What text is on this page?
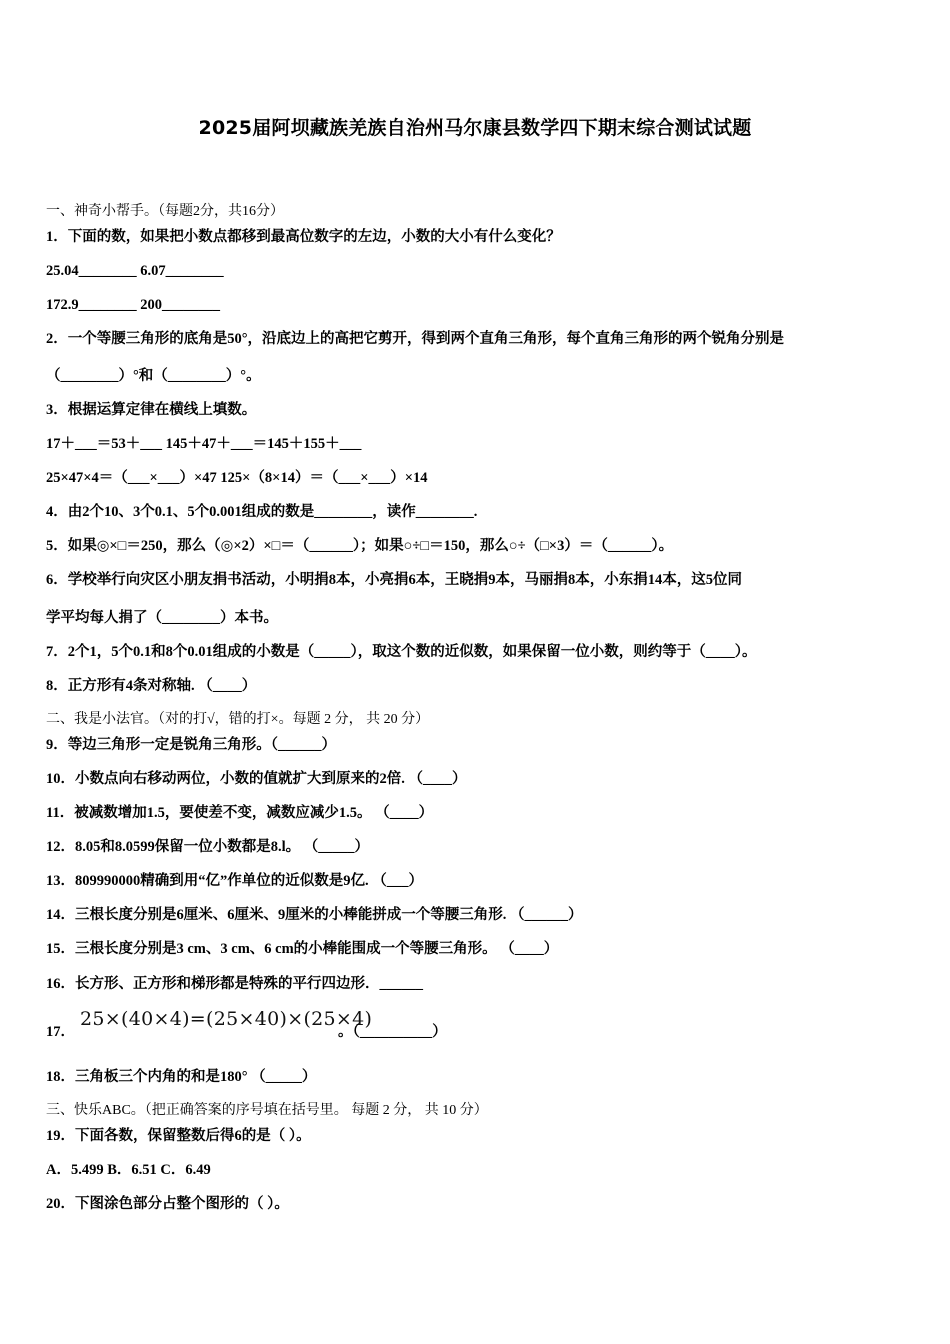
2025届阿坝藏族羌族自治州马尔康县数学四下期末综合测试试题
一、神奇小帮手。（每题2分，共16分）
1．下面的数，如果把小数点都移到最高位数字的左边，小数的大小有什么变化？
25.04________ 6.07________
172.9________ 200________
2．一个等腰三角形的底角是50°，沿底边上的高把它剪开，得到两个直角三角形，每个直角三角形的两个锐角分别是
（________）°和（________）°。
3．根据运算定律在横线上填数。
17＋___＝53＋___ 145＋47＋___＝145＋155＋___
25×47×4＝（___×___）×47 125×（8×14）＝（___×___）×14
4．由2个10、3个0.1、5个0.001组成的数是________，读作________.
5．如果◎×□＝250，那么（◎×2）×□＝（______）；如果○÷□＝150，那么○÷（□×3）＝（______）。
6．学校举行向灾区小朋友捐书活动，小明捐8本，小亮捐6本，王晓捐9本，马丽捐8本，小东捐14本，这5位同
学平均每人捐了（________）本书。
7．2个1，5个0.1和8个0.01组成的小数是（_____），取这个数的近似数，如果保留一位小数，则约等于（____）。
8．正方形有4条对称轴. （____）
二、我是小法官。（对的打√，错的打×。每题 2 分， 共 20 分）
9．等边三角形一定是锐角三角形。（______）
10．小数点向右移动两位，小数的值就扩大到原来的2倍. （____）
11．被减数增加1.5，要使差不变，减数应减少1.5。 （____）
12．8.05和8.0599保留一位小数都是8.l。 （_____）
13．809990000精确到用“亿”作单位的近似数是9亿. （___）
14．三根长度分别是6厘米、6厘米、9厘米的小棒能拼成一个等腰三角形. （______）
15．三根长度分别是3 cm、3 cm、6 cm的小棒能围成一个等腰三角形。 （____）
16．长方形、正方形和梯形都是特殊的平行四边形．______
17．
25×(40×4)=(25×40)×(25×4)
。（__________）
18．三角板三个内角的和是180° （_____）
三、快乐ABC。（把正确答案的序号填在括号里。 每题 2 分， 共 10 分）
19．下面各数，保留整数后得6的是（ ）。
A．5.499 B．6.51 C．6.49
20．下图涂色部分占整个图形的（ ）。
